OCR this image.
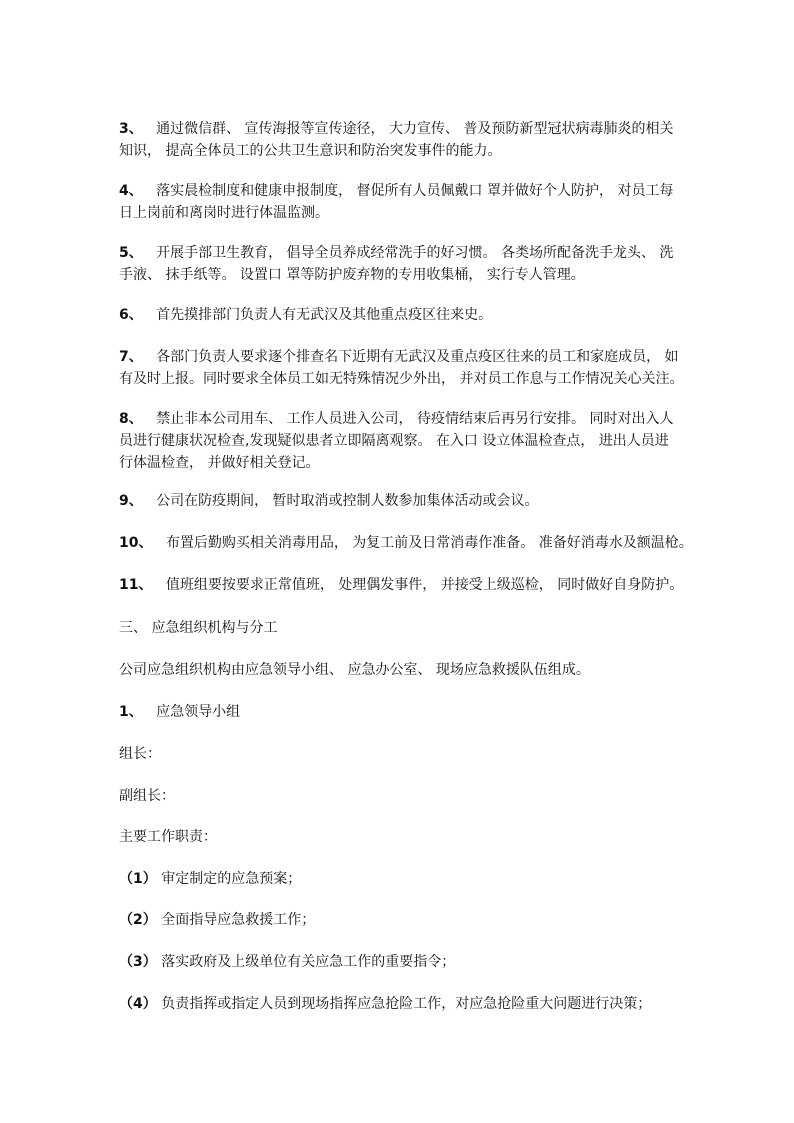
3、 通过微信群、 宣传海报等宣传途径， 大力宣传、 普及预防新型冠状病毒肺炎的相关
知识， 提高全体员工的公共卫生意识和防治突发事件的能力。

4、 落实晨检制度和健康申报制度， 督促所有人员佩戴口 罩并做好个人防护， 对员工每
日上岗前和离岗时进行体温监测。

5、 开展手部卫生教育， 倡导全员养成经常洗手的好习惯。 各类场所配备洗手龙头、 洗
手液、 抹手纸等。 设置口 罩等防护废弃物的专用收集桶， 实行专人管理。

6、 首先摸排部门负责人有无武汉及其他重点疫区往来史。

7、 各部门负责人要求逐个排查名下近期有无武汉及重点疫区往来的员工和家庭成员， 如
有及时上报。同时要求全体员工如无特殊情况少外出， 并对员工作息与工作情况关心关注。

8、 禁止非本公司用车、 工作人员进入公司， 待疫情结束后再另行安排。 同时对出入人
员进行健康状况检查,发现疑似患者立即隔离观察。 在入口 设立体温检查点， 进出人员进
行体温检查， 并做好相关登记。

9、 公司在防疫期间， 暂时取消或控制人数参加集体活动或会议。

10、 布置后勤购买相关消毒用品， 为复工前及日常消毒作准备。 准备好消毒水及额温枪。

11、 值班组要按要求正常值班， 处理偶发事件， 并接受上级巡检， 同时做好自身防护。

三、 应急组织机构与分工

公司应急组织机构由应急领导小组、 应急办公室、 现场应急救援队伍组成。

1、 应急领导小组

组长：

副组长：

主要工作职责：

（1） 审定制定的应急预案；

（2） 全面指导应急救援工作；

（3） 落实政府及上级单位有关应急工作的重要指令；

（4） 负责指挥或指定人员到现场指挥应急抢险工作，对应急抢险重大问题进行决策；
